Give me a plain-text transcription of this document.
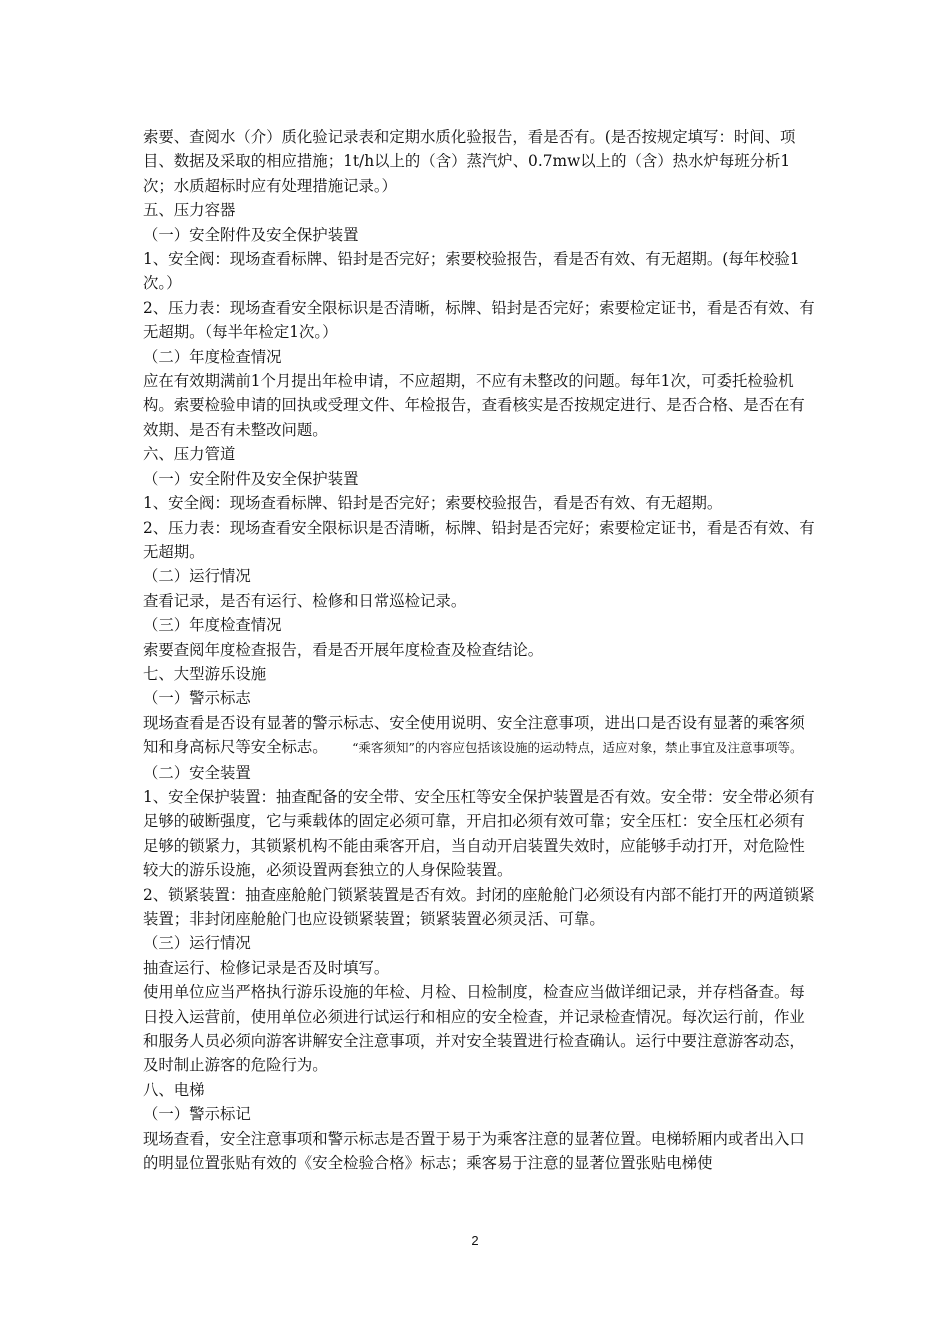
索要、查阅水（介）质化验记录表和定期水质化验报告，看是否有。(是否按规定填写：时间、项目、数据及采取的相应措施；1t/h以上的（含）蒸汽炉、0.7mw以上的（含）热水炉每班分析1次；水质超标时应有处理措施记录。）

五、压力容器

（一）安全附件及安全保护装置

1、安全阀：现场查看标牌、铅封是否完好；索要校验报告，看是否有效、有无超期。(每年校验1次。）

2、压力表：现场查看安全限标识是否清晰，标牌、铅封是否完好；索要检定证书，看是否有效、有无超期。（每半年检定1次。）

（二）年度检查情况

应在有效期满前1个月提出年检申请，不应超期，不应有未整改的问题。每年1次，可委托检验机构。索要检验申请的回执或受理文件、年检报告，查看核实是否按规定进行、是否合格、是否在有效期、是否有未整改问题。

六、压力管道

（一）安全附件及安全保护装置

1、安全阀：现场查看标牌、铅封是否完好；索要校验报告，看是否有效、有无超期。

2、压力表：现场查看安全限标识是否清晰，标牌、铅封是否完好；索要检定证书，看是否有效、有无超期。

（二）运行情况

查看记录，是否有运行、检修和日常巡检记录。

（三）年度检查情况

索要查阅年度检查报告，看是否开展年度检查及检查结论。

七、大型游乐设施

（一）警示标志

现场查看是否设有显著的警示标志、安全使用说明、安全注意事项，进出口是否设有显著的乘客须知和身高标尺等安全标志。 “乘客须知”的内容应包括该设施的运动特点，适应对象，禁止事宜及注意事项等。

（二）安全装置

1、安全保护装置：抽查配备的安全带、安全压杠等安全保护装置是否有效。安全带：安全带必须有足够的破断强度，它与乘载体的固定必须可靠，开启扣必须有效可靠；安全压杠：安全压杠必须有足够的锁紧力，其锁紧机构不能由乘客开启，当自动开启装置失效时，应能够手动打开，对危险性较大的游乐设施，必须设置两套独立的人身保险装置。

2、锁紧装置：抽查座舱舱门锁紧装置是否有效。封闭的座舱舱门必须设有内部不能打开的两道锁紧装置；非封闭座舱舱门也应设锁紧装置；锁紧装置必须灵活、可靠。

（三）运行情况

抽查运行、检修记录是否及时填写。

使用单位应当严格执行游乐设施的年检、月检、日检制度，检查应当做详细记录，并存档备查。每日投入运营前，使用单位必须进行试运行和相应的安全检查，并记录检查情况。每次运行前，作业和服务人员必须向游客讲解安全注意事项，并对安全装置进行检查确认。运行中要注意游客动态，及时制止游客的危险行为。

八、电梯

（一）警示标记

现场查看，安全注意事项和警示标志是否置于易于为乘客注意的显著位置。电梯轿厢内或者出入口的明显位置张贴有效的《安全检验合格》标志；乘客易于注意的显著位置张贴电梯使

2
